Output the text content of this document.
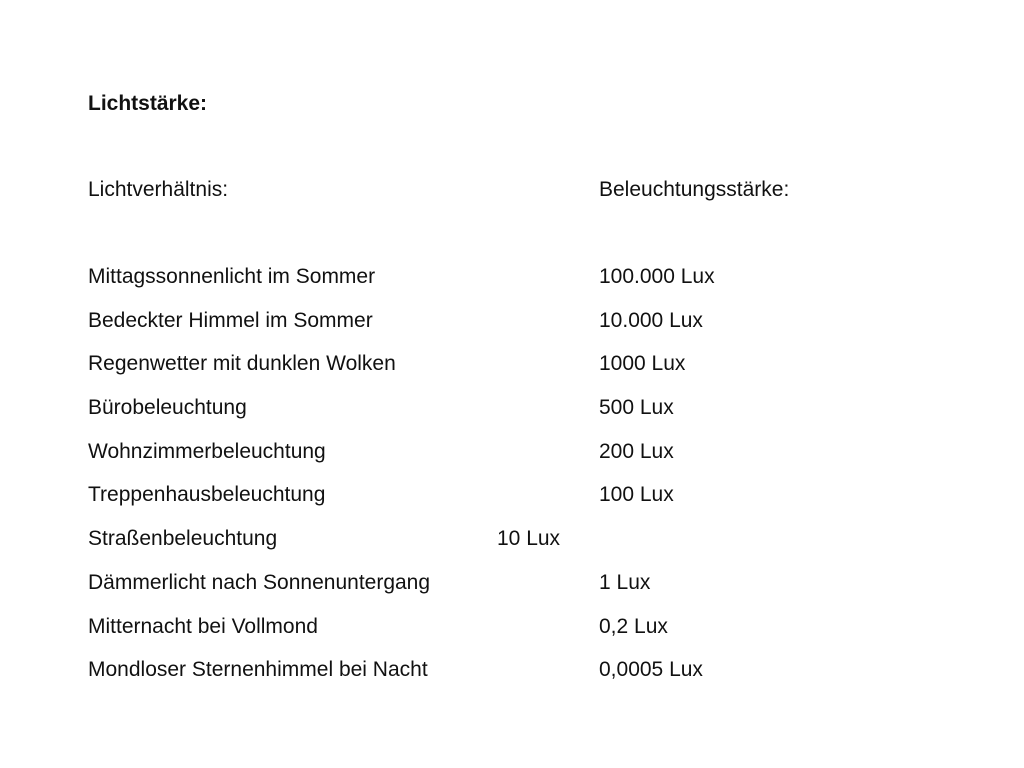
Lichtstärke:
Lichtverhältnis:	Beleuchtungsstärke:
Mittagssonnenlicht im Sommer	100.000 Lux
Bedeckter Himmel im Sommer	10.000 Lux
Regenwetter mit dunklen Wolken	1000 Lux
Bürobeleuchtung	500 Lux
Wohnzimmerbeleuchtung	200 Lux
Treppenhausbeleuchtung	100 Lux
Straßenbeleuchtung	10 Lux
Dämmerlicht nach Sonnenuntergang	1 Lux
Mitternacht bei Vollmond	0,2 Lux
Mondloser Sternenhimmel bei Nacht	0,0005 Lux
